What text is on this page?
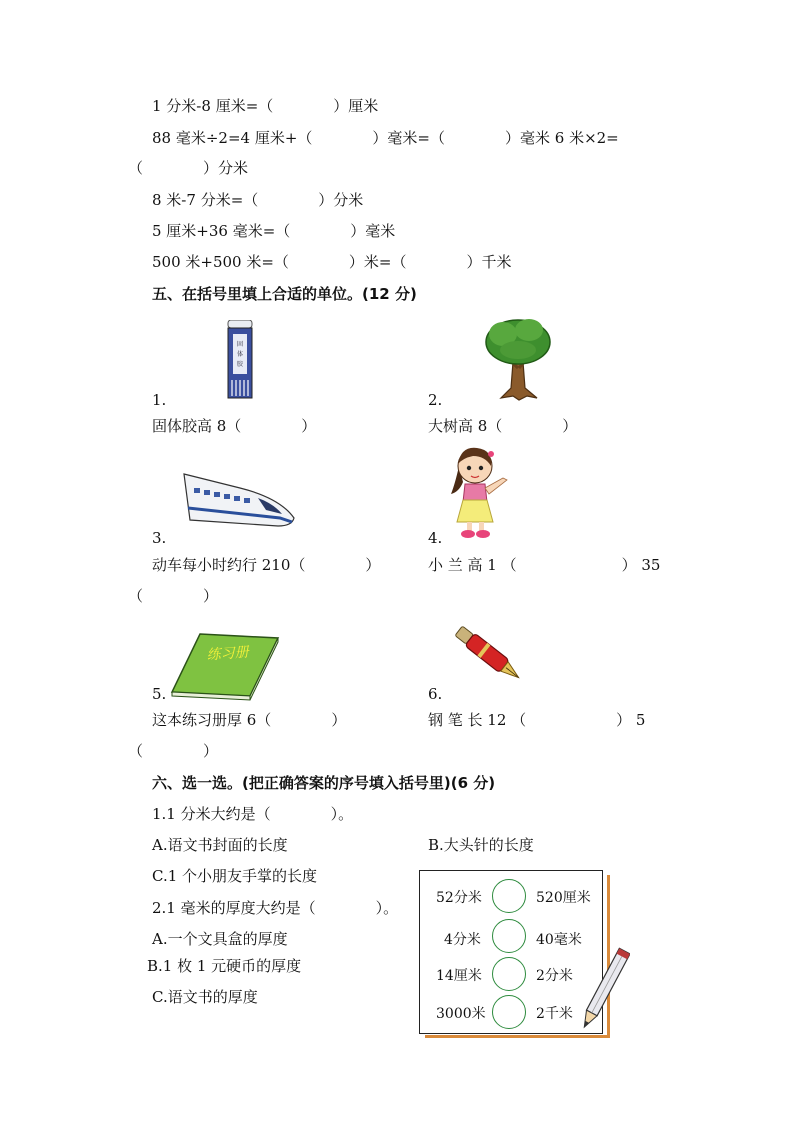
1 分米-8 厘米=（　　　　）厘米
88 毫米÷2=4 厘米+（　　　　）毫米=（　　　　）毫米 6 米×2=
（　　　　）分米
8 米-7 分米=（　　　　）分米
5 厘米+36 毫米=（　　　　）毫米
500 米+500 米=（　　　　）米=（　　　　）千米
五、在括号里填上合适的单位。(12 分)
固
体
胶
1.	2.
固体胶高 8（　　　　）	大树高 8（　　　　）
3.	4.
动车每小时约行 210（　　　　）	小 兰 高 1 （　　　　　　　） 35
（　　　　）
练习册
5.	6.
这本练习册厚 6（　　　　）	钢 笔 长 12 （　　　　　　） 5
（　　　　）
六、选一选。(把正确答案的序号填入括号里)(6 分)
1.1 分米大约是（　　　　）。
A.语文书封面的长度	B.大头针的长度
C.1 个小朋友手掌的长度
2.1 毫米的厚度大约是（　　　　）。
A.一个文具盒的厚度
B.1 枚 1 元硬币的厚度
C.语文书的厚度
52分米	520厘米
4分米	40毫米
14厘米	2分米
3000米	2千米
